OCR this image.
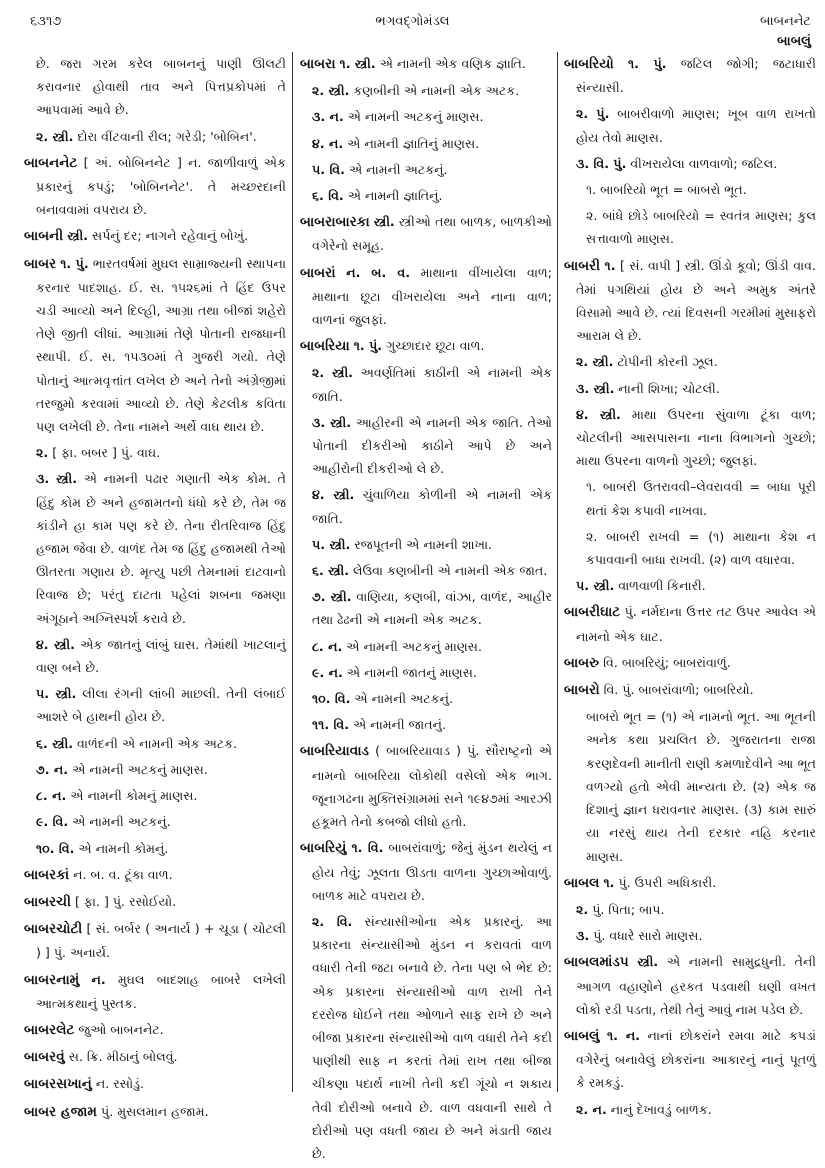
૬૩૧૭	ભગવદ્ગોમંડલ	બાબનનેટ
બાબલું

છે. જરા ગરમ કરેલ બાબનનું પાણી ઊલટી કરાવનાર હોવાથી તાવ અને પિત્તપ્રકોપમાં તે આપવામાં આવે છે.

૨. સ્ત્રી. દોરા વીંટવાની રીલ; ગરેડી; 'બોબિન'.

બાબનનેટ [ અં. બોબિનનેટ ] ન. જાળીવાળું એક પ્રકારનું કપડું; 'બોબિનનેટ'. તે મચ્છરદાની બનાવવામાં વપરાય છે.

બાબની સ્ત્રી. સર્પનું દર; નાગને રહેવાનું બોખું.

બાબર ૧. પું. ભારતવર્ષમાં મુઘલ સામ્રાજ્યની સ્થાપના કરનાર પાદશાહ. ઈ. સ. ૧૫૨૬માં તે હિંદ ઉપર ચડી આવ્યો અને દિલ્હી, આગ્રા તથા બીજાં શહેરો તેણે જીતી લીધાં. આગ્રામાં તેણે પોતાની રાજધાની સ્થાપી. ઈ. સ. ૧૫૩૦માં તે ગુજરી ગયો. તેણે પોતાનું આત્મવૃત્તાંત લખેલ છે અને તેનો અંગ્રેજીમાં તરજુમો કરવામાં આવ્યો છે. તેણે કેટલીક કવિતા પણ લખેલી છે. તેના નામને અર્થે વાઘ થાય છે.

૨. [ ફા. બબર ] પું. વાઘ.

૩. સ્ત્રી. એ નામની પઢાર ગણાતી એક કોમ. તે હિંદુ કોમ છે અને હજામતનો ધંધો કરે છે, તેમ જ કાંડીને હા કામ પણ કરે છે. તેના રીતરિવાજ હિંદુ હજામ જેવા છે. વાળંદ તેમ જ હિંદુ હજામથી તેઓ ઊતરતા ગણાય છે. મૃત્યુ પછી તેમનામાં દાટવાનો રિવાજ છે; પરંતુ દાટતા પહેલાં શબના જમણા અંગૂઠાને અગ્નિસ્પર્શ કરાવે છે.

૪. સ્ત્રી. એક જાતનું લાંબું ઘાસ. તેમાંથી ખાટલાનું વાણ બને છે.

૫. સ્ત્રી. લીલા રંગની લાંબી માછલી. તેની લંબાઈ આશરે બે હાથની હોય છે.

૬. સ્ત્રી. વાળંદની એ નામની એક અટક.

૭. ન. એ નામની અટકનું માણસ.

૮. ન. એ નામની કોમનું માણસ.

૯. વિ. એ નામની અટકનું.

૧૦. વિ. એ નામની કોમનું.

બાબરકાં ન. બ. વ. ટૂંકા વાળ.

બાબરચી [ ફા. ] પું. રસોઈયો.

બાબરચોટી [ સં. બર્બર ( અનાર્ય ) + ચૂડા ( ચોટલી ) ] પું. અનાર્ય.

બાબરનામું ન. મુઘલ બાદશાહ બાબરે લખેલી આત્મકથાનું પુસ્તક.

બાબરલેટ જુઓ બાબનનેટ.

બાબરવું સ. ક્રિ. મીઠાનું બોલવું.

બાબરસખાનું ન. રસોડું.

બાબર હજામ પું. મુસલમાન હજામ.

બાબરા ૧. સ્ત્રી. એ નામની એક વણિક જ્ઞાતિ.

૨. સ્ત્રી. કણબીની એ નામની એક અટક.

૩. ન. એ નામની અટકનું માણસ.

૪. ન. એ નામની જ્ઞાતિનું માણસ.

૫. વિ. એ નામની અટકનું.

૬. વિ. એ નામની જ્ઞાતિનું.

બાબરાબારકા સ્ત્રી. સ્ત્રીઓ તથા બાળક, બાળકીઓ વગેરેનો સમૂહ.

બાબરાં ન. બ. વ. માથાના વીંખાયેલા વાળ; માથાના છૂટા વીખરાયેલા અને નાના વાળ; વાળનાં જુલફાં.

બાબરિયા ૧. પું. ગુચ્છાદાર છૂટા વાળ.

૨. સ્ત્રી. અવર્ણતિમાં કાઠીની એ નામની એક જાતિ.

૩. સ્ત્રી. આહીરની એ નામની એક જાતિ. તેઓ પોતાની દીકરીઓ કાઠીને આપે છે અને આહીરોની દીકરીઓ લે છે.

૪. સ્ત્રી. ચુંવાળિયા કોળીની એ નામની એક જાતિ.

૫. સ્ત્રી. રજપૂતની એ નામની શાખા.

૬. સ્ત્રી. લેઉવા કણબીની એ નામની એક જાત.

૭. સ્ત્રી. વાણિયા, કણબી, વાંઝા, વાળંદ, આહીર તથા ઢેઢની એ નામની એક અટક.

૮. ન. એ નામની અટકનું માણસ.

૯. ન. એ નામની જાતનું માણસ.

૧૦. વિ. એ નામની અટકનું.

૧૧. વિ. એ નામની જાતનું.

બાબરિયાવાડ ( બાબરિયાવાડ ) પું. સૌરાષ્ટ્રનો એ નામનો બાબરિયા લોકોથી વસેલો એક ભાગ. જૂનાગઢના મુક્તિસંગ્રામમાં સને ૧૯૪૭માં આરઝી હકૂમતે તેનો કબજો લીધો હતો.

બાબરિયું ૧. વિ. બાબરાંવાળું; જેનું મુંડન થયેલું ન હોય તેવું; ઝૂલતા ઊડતા વાળના ગુચ્છાઓવાળું. બાળક માટે વપરાય છે.

૨. વિ. સંન્યાસીઓના એક પ્રકારનું. આ પ્રકારના સંન્યાસીઓ મુંડન ન કરાવતાં વાળ વધારી તેની જટા બનાવે છે. તેના પણ બે ભેદ છે: એક પ્રકારના સંન્યાસીઓ વાળ રાખી તેને દરરોજ ધોઈને તથા ઓળાને સાફ રાખે છે અને બીજા પ્રકારના સંન્યાસીઓ વાળ વધારી તેને કદી પાણીથી સાફ ન કરતાં તેમાં રાખ તથા બીજા ચીકણા પદાર્થ નાખી તેની કદી ગૂંચો ન શકાય તેવી દોરીઓ બનાવે છે. વાળ વધવાની સાથે તે દોરીઓ પણ વધતી જાય છે અને મંડાતી જાય છે.

બાબરિયો ૧. પું. જટિલ જોગી; જટાધારી સંન્યાસી.

૨. પું. બાબરીવાળો માણસ; ખૂબ વાળ રાખતો હોય તેવો માણસ.

૩. વિ. પું. વીખરાયેલા વાળવાળો; જટિલ.

૧. બાબરિયો ભૂત = બાબરો ભૂત.

૨. બાંધે છોડે બાબરિયો = સ્વતંત્ર માણસ; કુલ સત્તાવાળો માણસ.

બાબરી ૧. [ સં. વાપી ] સ્ત્રી. ઊંડો કૂવો; ઊંડી વાવ. તેમાં પગથિયાં હોય છે અને અમુક અંતરે વિસામો આવે છે. ત્યાં દિવસની ગરમીમાં મુસાફરો આરામ લે છે.

૨. સ્ત્રી. ટોપીની કોરની ઝૂલ.

૩. સ્ત્રી. નાની શિખા; ચોટલી.

૪. સ્ત્રી. માથા ઉપરના સુંવાળા ટૂંકા વાળ; ચોટલીની આસપાસના નાના વિભાગનો ગુચ્છો; માથા ઉપરના વાળનો ગુચ્છો; જુલફાં.

૧. બાબરી ઉતરાવવી–લેવરાવવી = બાધા પૂરી થતાં કેશ કપાવી નાખવા.

૨. બાબરી રાખવી = (૧) માથાના કેશ ન કપાવવાની બાધા રાખવી. (૨) વાળ વધારવા.

૫. સ્ત્રી. વાળવાળી કિનારી.

બાબરીઘાટ પું. નર્મદાના ઉત્તર તટ ઉપર આવેલ એ નામનો એક ઘાટ.

બાબરુ વિ. બાબરિયું; બાબરાંવાળું.

બાબરો વિ. પું. બાબરાંવાળો; બાબરિયો.

બાબરો ભૂત = (૧) એ નામનો ભૂત. આ ભૂતની અનેક કથા પ્રચલિત છે. ગુજરાતના રાજા કરણદેવની માનીતી રાણી કમળાદેવીને આ ભૂત વળગ્યો હતો એવી માન્યતા છે. (૨) એક જ દિશાનું જ્ઞાન ધરાવનાર માણસ. (૩) કામ સારું યા નરસું થાય તેની દરકાર નહિ કરનાર માણસ.

બાબલ ૧. પું. ઉપરી અધિકારી.

૨. પું. પિતા; બાપ.

૩. પું. વધારે સારો માણસ.

બાબલમાંડપ સ્ત્રી. એ નામની સામુદ્રધુની. તેની આગળ વહાણોને હરકત પડવાથી ઘણી વખત લોકો રડી પડતા, તેથી તેનું આવું નામ પડેલ છે.

બાબલું ૧. ન. નાનાં છોકરાંને રમવા માટે કપડાં વગેરેનું બનાવેલું છોકરાંના આકારનું નાનું પૂતળું કે રમકડું.

૨. ન. નાનું દેખાવડું બાળક.
